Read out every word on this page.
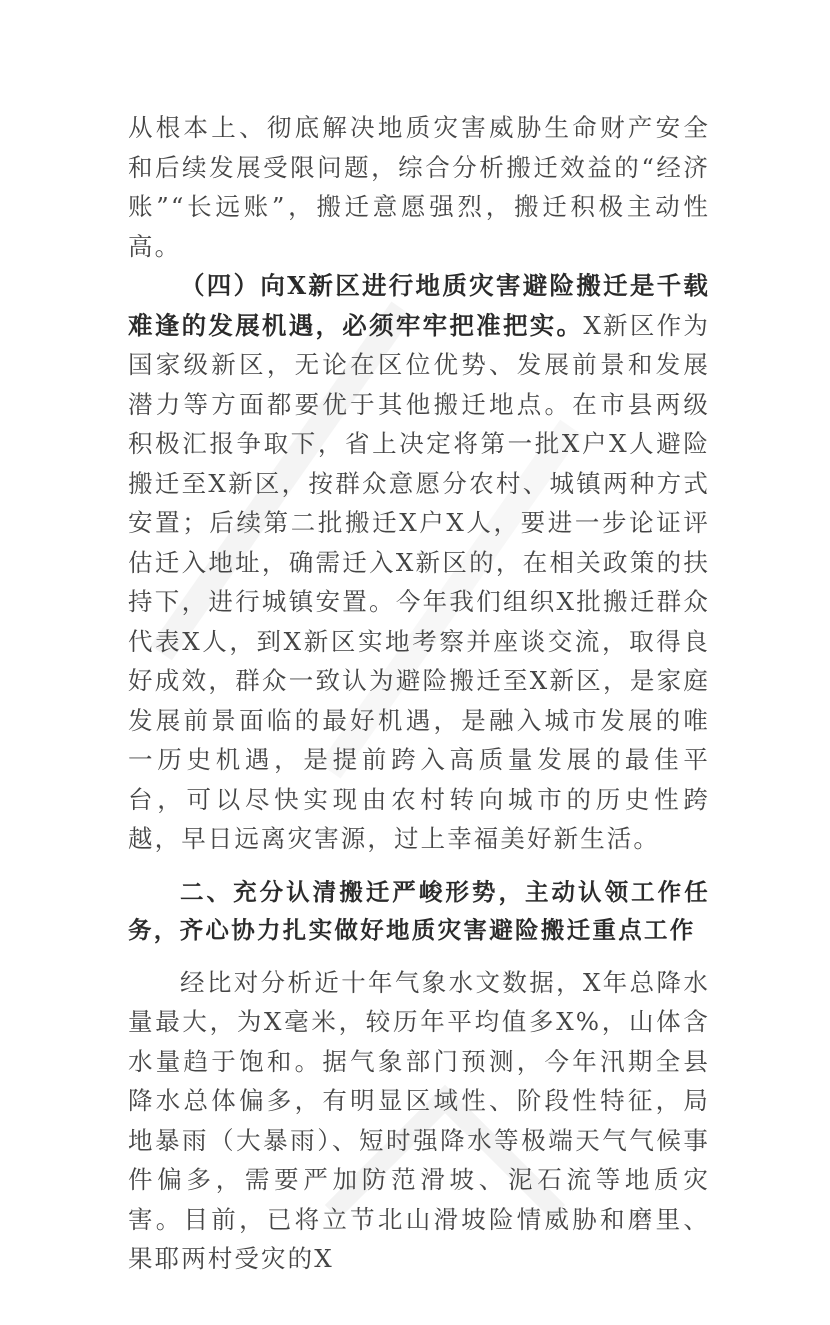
从根本上、彻底解决地质灾害威胁生命财产安全和后续发展受限问题，综合分析搬迁效益的“经济账”“长远账”，搬迁意愿强烈，搬迁积极主动性高。

（四）向X新区进行地质灾害避险搬迁是千载难逢的发展机遇，必须牢牢把准把实。X新区作为国家级新区，无论在区位优势、发展前景和发展潜力等方面都要优于其他搬迁地点。在市县两级积极汇报争取下，省上决定将第一批X户X人避险搬迁至X新区，按群众意愿分农村、城镇两种方式安置；后续第二批搬迁X户X人，要进一步论证评估迁入地址，确需迁入X新区的，在相关政策的扶持下，进行城镇安置。今年我们组织X批搬迁群众代表X人，到X新区实地考察并座谈交流，取得良好成效，群众一致认为避险搬迁至X新区，是家庭发展前景面临的最好机遇，是融入城市发展的唯一历史机遇，是提前跨入高质量发展的最佳平台，可以尽快实现由农村转向城市的历史性跨越，早日远离灾害源，过上幸福美好新生活。

二、充分认清搬迁严峻形势，主动认领工作任务，齐心协力扎实做好地质灾害避险搬迁重点工作

经比对分析近十年气象水文数据，X年总降水量最大，为X毫米，较历年平均值多X%，山体含水量趋于饱和。据气象部门预测，今年汛期全县降水总体偏多，有明显区域性、阶段性特征，局地暴雨（大暴雨）、短时强降水等极端天气气候事件偏多，需要严加防范滑坡、泥石流等地质灾害。目前，已将立节北山滑坡险情威胁和磨里、果耶两村受灾的X
